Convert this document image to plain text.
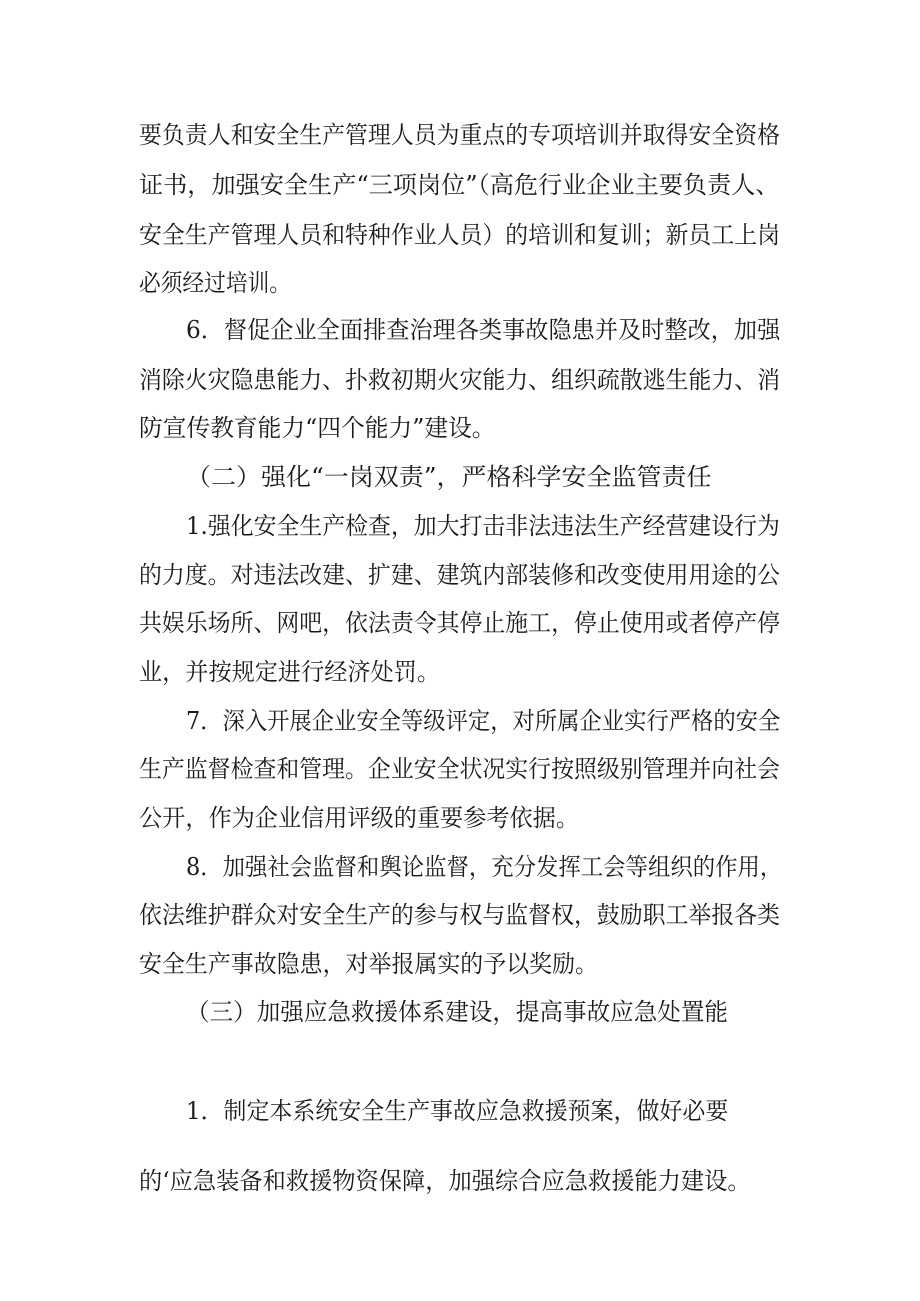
要负责人和安全生产管理人员为重点的专项培训并取得安全资格
证书，加强安全生产“三项岗位”（高危行业企业主要负责人、
安全生产管理人员和特种作业人员）的培训和复训；新员工上岗
必须经过培训。
6．督促企业全面排查治理各类事故隐患并及时整改，加强
消除火灾隐患能力、扑救初期火灾能力、组织疏散逃生能力、消
防宣传教育能力“四个能力”建设。
（二）强化“一岗双责”，严格科学安全监管责任
1.强化安全生产检查，加大打击非法违法生产经营建设行为
的力度。对违法改建、扩建、建筑内部装修和改变使用用途的公
共娱乐场所、网吧，依法责令其停止施工，停止使用或者停产停
业，并按规定进行经济处罚。
7．深入开展企业安全等级评定，对所属企业实行严格的安全
生产监督检查和管理。企业安全状况实行按照级别管理并向社会
公开，作为企业信用评级的重要参考依据。
8．加强社会监督和舆论监督，充分发挥工会等组织的作用，
依法维护群众对安全生产的参与权与监督权，鼓励职工举报各类
安全生产事故隐患，对举报属实的予以奖励。
（三）加强应急救援体系建设，提高事故应急处置能
1．制定本系统安全生产事故应急救援预案，做好必要
的‘应急装备和救援物资保障，加强综合应急救援能力建设。
